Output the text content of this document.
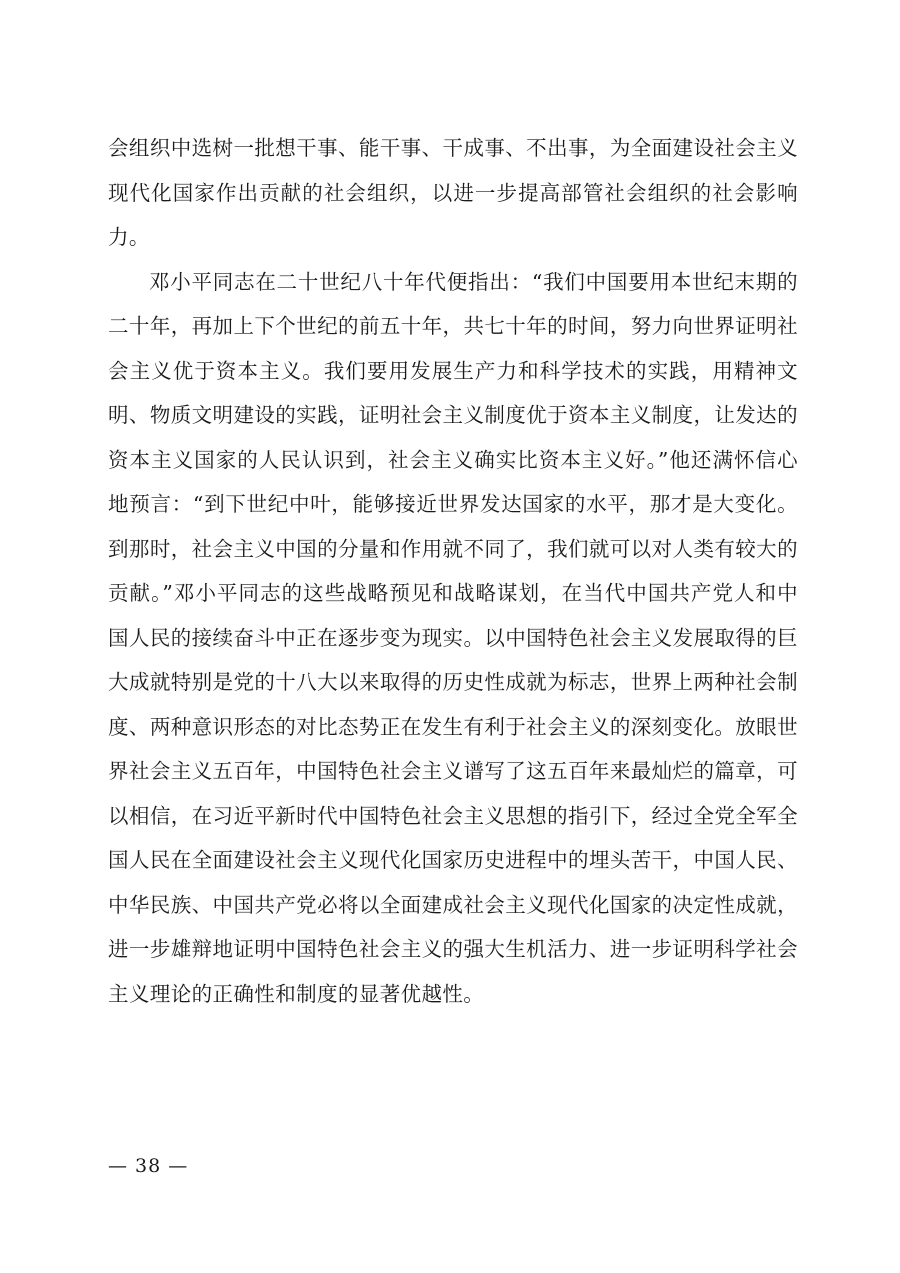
会组织中选树一批想干事、能干事、干成事、不出事，为全面建设社会主义现代化国家作出贡献的社会组织，以进一步提高部管社会组织的社会影响力。

邓小平同志在二十世纪八十年代便指出：“我们中国要用本世纪末期的二十年，再加上下个世纪的前五十年，共七十年的时间，努力向世界证明社会主义优于资本主义。我们要用发展生产力和科学技术的实践，用精神文明、物质文明建设的实践，证明社会主义制度优于资本主义制度，让发达的资本主义国家的人民认识到，社会主义确实比资本主义好。”他还满怀信心地预言：“到下世纪中叶，能够接近世界发达国家的水平，那才是大变化。到那时，社会主义中国的分量和作用就不同了，我们就可以对人类有较大的贡献。”邓小平同志的这些战略预见和战略谋划，在当代中国共产党人和中国人民的接续奋斗中正在逐步变为现实。以中国特色社会主义发展取得的巨大成就特别是党的十八大以来取得的历史性成就为标志，世界上两种社会制度、两种意识形态的对比态势正在发生有利于社会主义的深刻变化。放眼世界社会主义五百年，中国特色社会主义谱写了这五百年来最灿烂的篇章，可以相信，在习近平新时代中国特色社会主义思想的指引下，经过全党全军全国人民在全面建设社会主义现代化国家历史进程中的埋头苦干，中国人民、中华民族、中国共产党必将以全面建成社会主义现代化国家的决定性成就，进一步雄辩地证明中国特色社会主义的强大生机活力、进一步证明科学社会主义理论的正确性和制度的显著优越性。

— 38 —
